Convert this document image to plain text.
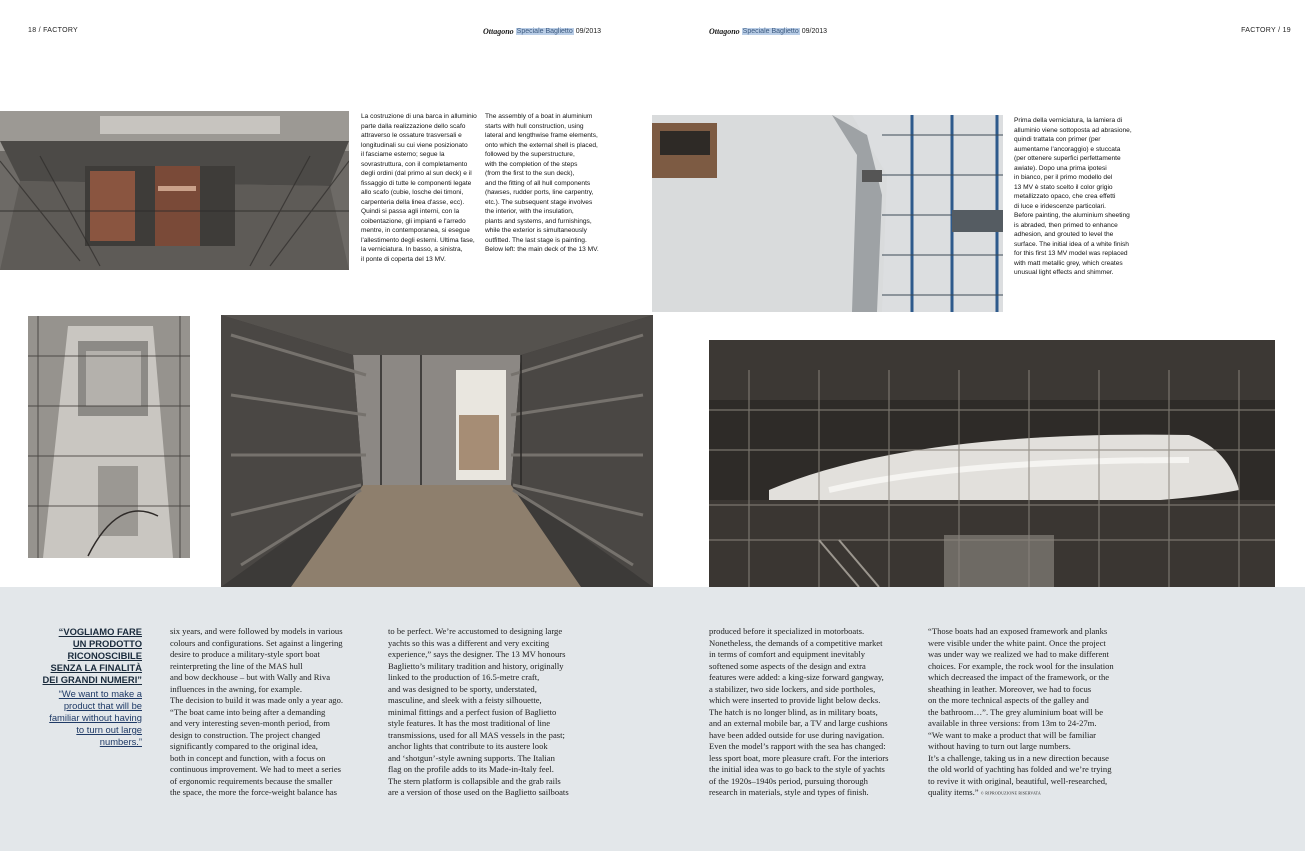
18 / FACTORY	FACTORY / 19
Ottagono Speciale Baglietto 09/2013	Ottagono Speciale Baglietto 09/2013
La costruzione di una barca in alluminio
parte dalla realizzazione dello scafo
attraverso le ossature trasversali e
longitudinali su cui viene posizionato
il fasciame esterno; segue la
sovrastruttura, con il completamento
degli ordini (dal primo al sun deck) e il
fissaggio di tutte le componenti legate
allo scafo (cubie, losche dei timoni,
carpenteria della linea d'asse, ecc).
Quindi si passa agli interni, con la
coibentazione, gli impianti e l'arredo
mentre, in contemporanea, si esegue
l'allestimento degli esterni. Ultima fase,
la verniciatura. In basso, a sinistra,
il ponte di coperta del 13 MV.
The assembly of a boat in aluminium
starts with hull construction, using
lateral and lengthwise frame elements,
onto which the external shell is placed,
followed by the superstructure,
with the completion of the steps
(from the first to the sun deck),
and the fitting of all hull components
(hawses, rudder ports, line carpentry,
etc.). The subsequent stage involves
the interior, with the insulation,
plants and systems, and furnishings,
while the exterior is simultaneously
outfitted. The last stage is painting.
Below left: the main deck of the 13 MV.
Prima della verniciatura, la lamiera di
alluminio viene sottoposta ad abrasione,
quindi trattata con primer (per
aumentarne l'ancoraggio) e stuccata
(per ottenere superfici perfettamente
awiate). Dopo una prima ipotesi
in bianco, per il primo modello del
13 MV è stato scelto il color grigio
metallizzato opaco, che crea effetti
di luce e iridescenze particolari.
Before painting, the aluminium sheeting
is abraded, then primed to enhance
adhesion, and grouted to level the
surface. The initial idea of a white finish
for this first 13 MV model was replaced
with matt metallic grey, which creates
unusual light effects and shimmer.
“VOGLIAMO FARE
UN PRODOTTO
RICONOSCIBILE
SENZA LA FINALITÀ
DEI GRANDI NUMERI”
“We want to make a
product that will be
familiar without having
to turn out large
numbers.”
six years, and were followed by models in various
colours and configurations. Set against a lingering
desire to produce a military-style sport boat
reinterpreting the line of the MAS hull
and bow deckhouse – but with Wally and Riva
influences in the awning, for example.
The decision to build it was made only a year ago.
“The boat came into being after a demanding
and very interesting seven-month period, from
design to construction. The project changed
significantly compared to the original idea,
both in concept and function, with a focus on
continuous improvement. We had to meet a series
of ergonomic requirements because the smaller
the space, the more the force-weight balance has
to be perfect. We’re accustomed to designing large
yachts so this was a different and very exciting
experience,” says the designer. The 13 MV honours
Baglietto’s military tradition and history, originally
linked to the production of 16.5-metre craft,
and was designed to be sporty, understated,
masculine, and sleek with a feisty silhouette,
minimal fittings and a perfect fusion of Baglietto
style features. It has the most traditional of line
transmissions, used for all MAS vessels in the past;
anchor lights that contribute to its austere look
and ‘shotgun’-style awning supports. The Italian
flag on the profile adds to its Made-in-Italy feel.
The stern platform is collapsible and the grab rails
are a version of those used on the Baglietto sailboats
produced before it specialized in motorboats.
Nonetheless, the demands of a competitive market
in terms of comfort and equipment inevitably
softened some aspects of the design and extra
features were added: a king-size forward gangway,
a stabilizer, two side lockers, and side portholes,
which were inserted to provide light below decks.
The hatch is no longer blind, as in military boats,
and an external mobile bar, a TV and large cushions
have been added outside for use during navigation.
Even the model’s rapport with the sea has changed:
less sport boat, more pleasure craft. For the interiors
the initial idea was to go back to the style of yachts
of the 1920s–1940s period, pursuing thorough
research in materials, style and types of finish.
“Those boats had an exposed framework and planks
were visible under the white paint. Once the project
was under way we realized we had to make different
choices. For example, the rock wool for the insulation
which decreased the impact of the framework, or the
sheathing in leather. Moreover, we had to focus
on the more technical aspects of the galley and
the bathroom…”. The grey aluminium boat will be
available in three versions: from 13m to 24-27m.
“We want to make a product that will be familiar
without having to turn out large numbers.
It’s a challenge, taking us in a new direction because
the old world of yachting has folded and we’re trying
to revive it with original, beautiful, well-researched,
quality items.” © RIPRODUZIONE RISERVATA
